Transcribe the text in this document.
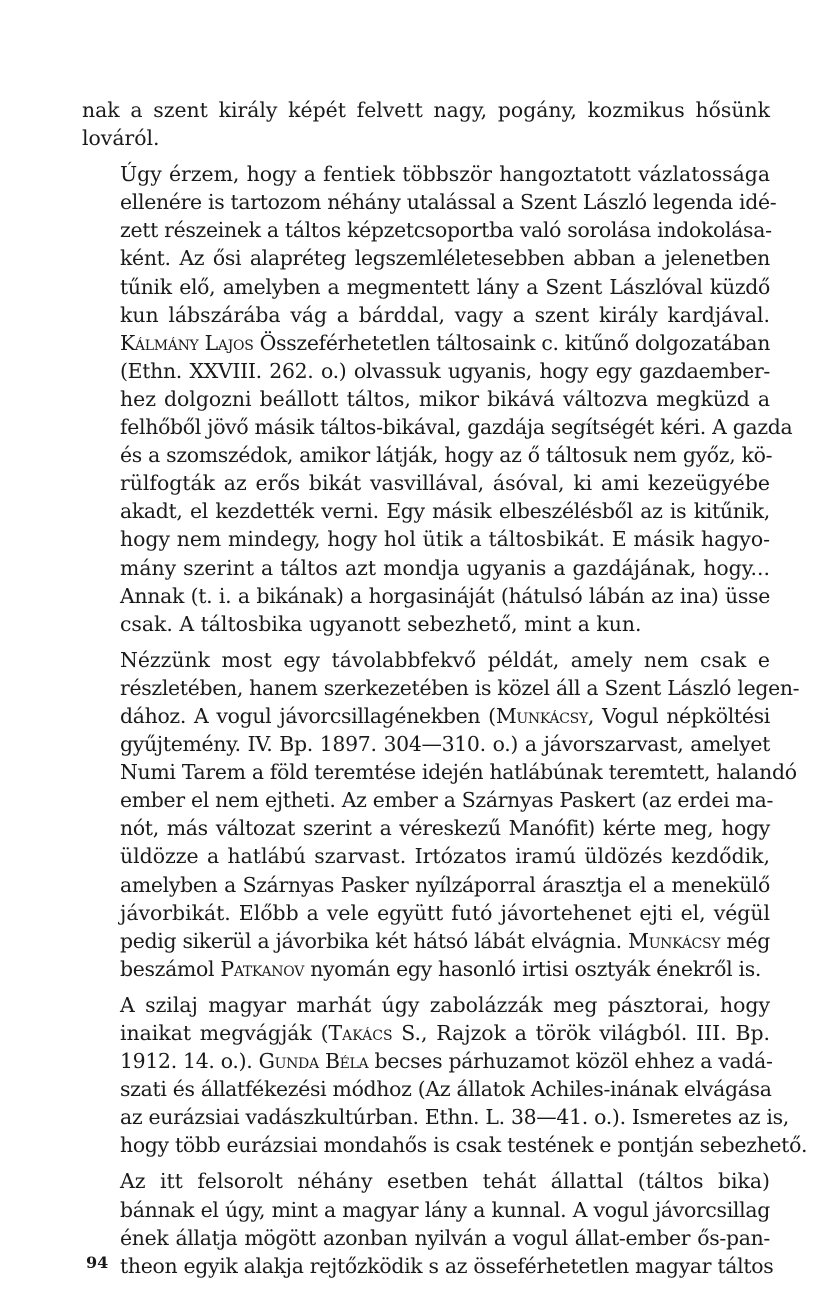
nak a szent király képét felvett nagy, pogány, kozmikus hősünk
lováról.
Úgy érzem, hogy a fentiek többször hangoztatott vázlatossága
ellenére is tartozom néhány utalással a Szent László legenda idé-
zett részeinek a táltos képzetcsoportba való sorolása indokolása-
ként. Az ősi alapréteg legszemléletesebben abban a jelenetben
tűnik elő, amelyben a megmentett lány a Szent Lászlóval küzdő
kun lábszárába vág a bárddal, vagy a szent király kardjával.
Kálmány Lajos Összeférhetetlen táltosaink c. kitűnő dolgozatában
(Ethn. XXVIII. 262. o.) olvassuk ugyanis, hogy egy gazdaember-
hez dolgozni beállott táltos, mikor bikává változva megküzd a
felhőből jövő másik táltos-bikával, gazdája segítségét kéri. A gazda
és a szomszédok, amikor látják, hogy az ő táltosuk nem győz, kö-
rülfogták az erős bikát vasvillával, ásóval, ki ami kezeügyébe
akadt, el kezdették verni. Egy másik elbeszélésből az is kitűnik,
hogy nem mindegy, hogy hol ütik a táltosbikát. E másik hagyo-
mány szerint a táltos azt mondja ugyanis a gazdájának, hogy...
Annak (t. i. a bikának) a horgasináját (hátulsó lábán az ina) üsse
csak. A táltosbika ugyanott sebezhető, mint a kun.
Nézzünk most egy távolabbfekvő példát, amely nem csak e
részletében, hanem szerkezetében is közel áll a Szent László legen-
dához. A vogul jávorcsillagénekben (Munkácsy, Vogul népköltési
gyűjtemény. IV. Bp. 1897. 304—310. o.) a jávorszarvast, amelyet
Numi Tarem a föld teremtése idején hatlábúnak teremtett, halandó
ember el nem ejtheti. Az ember a Szárnyas Paskert (az erdei ma-
nót, más változat szerint a véreskezű Manófit) kérte meg, hogy
üldözze a hatlábú szarvast. Irtózatos iramú üldözés kezdődik,
amelyben a Szárnyas Pasker nyílzáporral árasztja el a menekülő
jávorbikát. Előbb a vele együtt futó jávortehenet ejti el, végül
pedig sikerül a jávorbika két hátsó lábát elvágnia. Munkácsy még
beszámol Patkanov nyomán egy hasonló irtisi osztyák énekről is.
A szilaj magyar marhát úgy zabolázzák meg pásztorai, hogy
inaikat megvágják (Takács S., Rajzok a török világból. III. Bp.
1912. 14. o.). Gunda Béla becses párhuzamot közöl ehhez a vadá-
szati és állatfékezési módhoz (Az állatok Achiles-inának elvágása
az eurázsiai vadászkultúrban. Ethn. L. 38—41. o.). Ismeretes az is,
hogy több eurázsiai mondahős is csak testének e pontján sebezhető.
Az itt felsorolt néhány esetben tehát állattal (táltos bika)
bánnak el úgy, mint a magyar lány a kunnal. A vogul jávorcsillag
ének állatja mögött azonban nyilván a vogul állat-ember ős-pan-
theon egyik alakja rejtőzködik s az össeférhetetlen magyar táltos
94
